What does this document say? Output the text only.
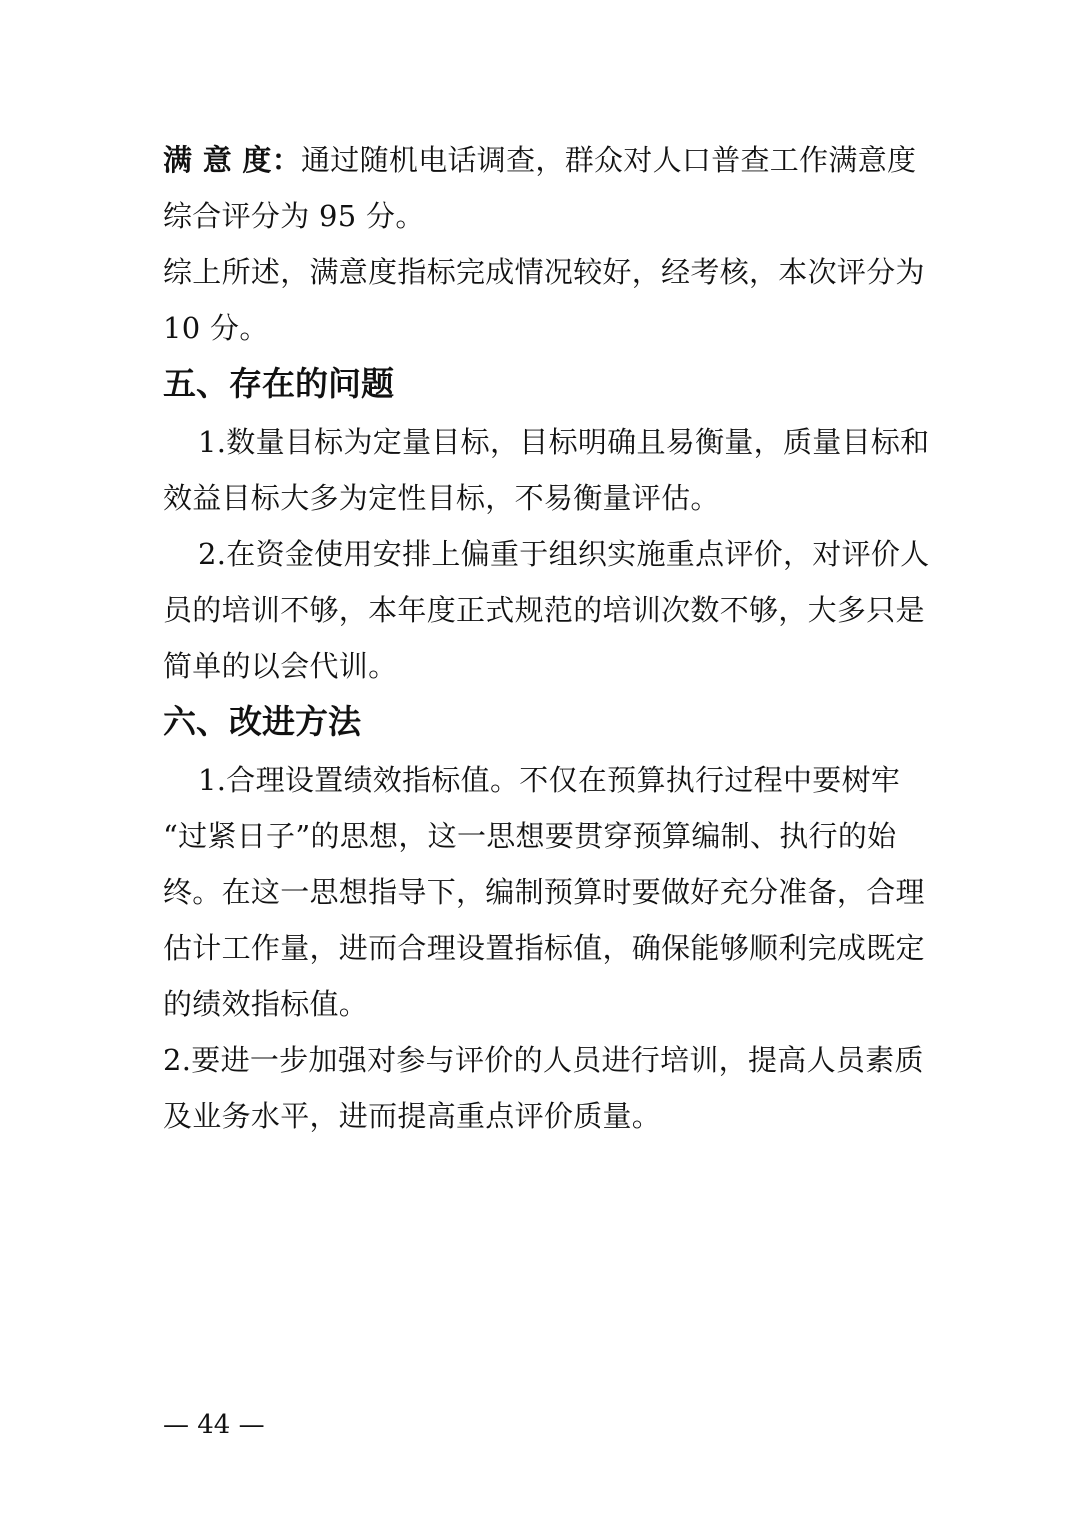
满 意 度：通过随机电话调查，群众对人口普查工作满意度
综合评分为 95 分。
综上所述，满意度指标完成情况较好，经考核，本次评分为
10 分。
五、存在的问题
1.数量目标为定量目标，目标明确且易衡量，质量目标和
效益目标大多为定性目标，不易衡量评估。
2.在资金使用安排上偏重于组织实施重点评价，对评价人
员的培训不够，本年度正式规范的培训次数不够，大多只是
简单的以会代训。
六、改进方法
1.合理设置绩效指标值。不仅在预算执行过程中要树牢
“过紧日子”的思想，这一思想要贯穿预算编制、执行的始
终。在这一思想指导下，编制预算时要做好充分准备，合理
估计工作量，进而合理设置指标值，确保能够顺利完成既定
的绩效指标值。
2.要进一步加强对参与评价的人员进行培训，提高人员素质
及业务水平，进而提高重点评价质量。
— 44 —
